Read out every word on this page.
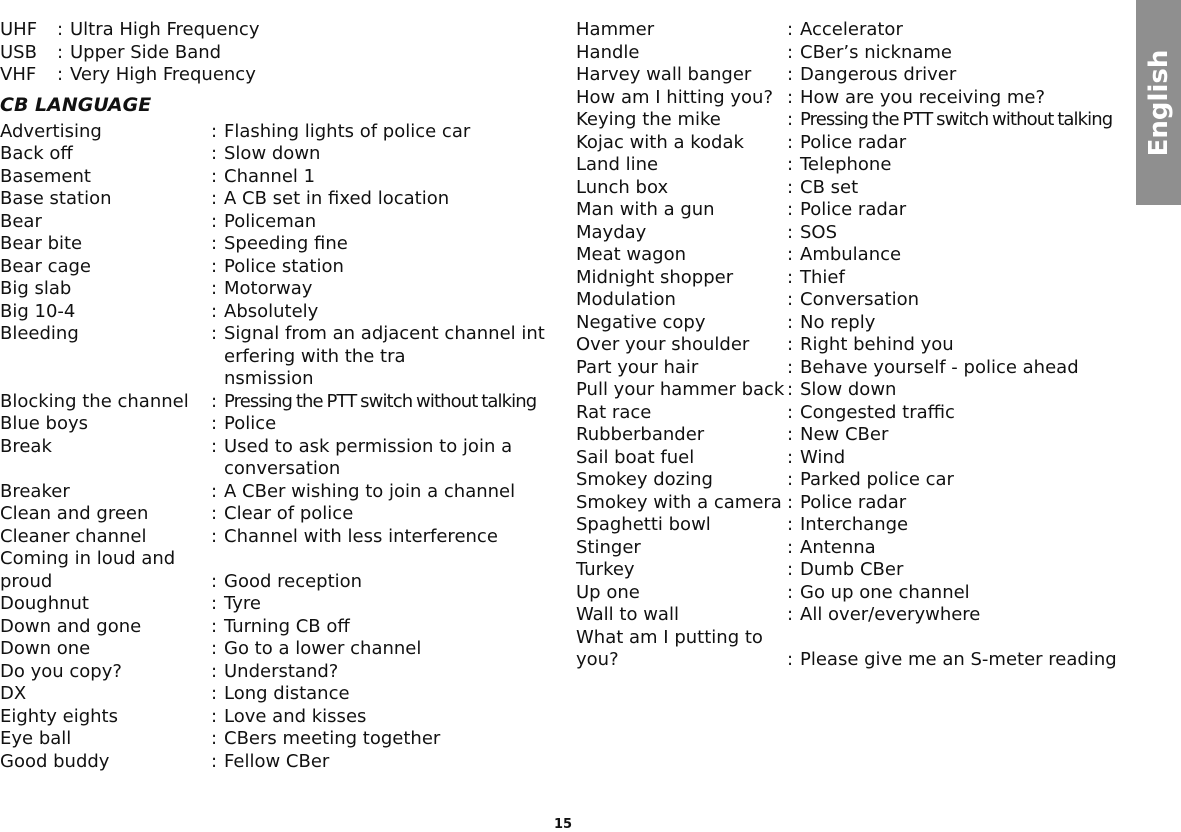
UHF	: Ultra High Frequency
USB	: Upper Side Band
VHF	: Very High Frequency
CB LANGUAGE
Advertising	: Flashing lights of police car
Back off	: Slow down
Basement	: Channel 1
Base station	: A CB set in fixed location
Bear	: Policeman
Bear bite	: Speeding fine
Bear cage	: Police station
Big slab	: Motorway
Big 10-4	: Absolutely
Bleeding	: Signal from an adjacent channel int
erfering with the tra
nsmission
Blocking the channel	: Pressing the PTT switch without talking
Blue boys	: Police
Break	: Used to ask permission to join a
conversation
Breaker	: A CBer wishing to join a channel
Clean and green	: Clear of police
Cleaner channel	: Channel with less interference
Coming in loud and
proud	: Good reception
Doughnut	: Tyre
Down and gone	: Turning CB off
Down one	: Go to a lower channel
Do you copy?	: Understand?
DX	: Long distance
Eighty eights	: Love and kisses
Eye ball	: CBers meeting together
Good buddy	: Fellow CBer
Hammer	: Accelerator
Handle	: CBer’s nickname
Harvey wall banger	: Dangerous driver
How am I hitting you? : How are you receiving me?
Keying the mike	: Pressing the PTT switch without talking
Kojac with a kodak	: Police radar
Land line	: Telephone
Lunch box	: CB set
Man with a gun	: Police radar
Mayday	: SOS
Meat wagon	: Ambulance
Midnight shopper	: Thief
Modulation	: Conversation
Negative copy	: No reply
Over your shoulder	: Right behind you
Part your hair	: Behave yourself - police ahead
Pull your hammer back : Slow down
Rat race	: Congested traffic
Rubberbander	: New CBer
Sail boat fuel	: Wind
Smokey dozing	: Parked police car
Smokey with a camera : Police radar
Spaghetti bowl	: Interchange
Stinger	: Antenna
Turkey	: Dumb CBer
Up one	: Go up one channel
Wall to wall	: All over/everywhere
What am I putting to
you?	: Please give me an S-meter reading
English
15
